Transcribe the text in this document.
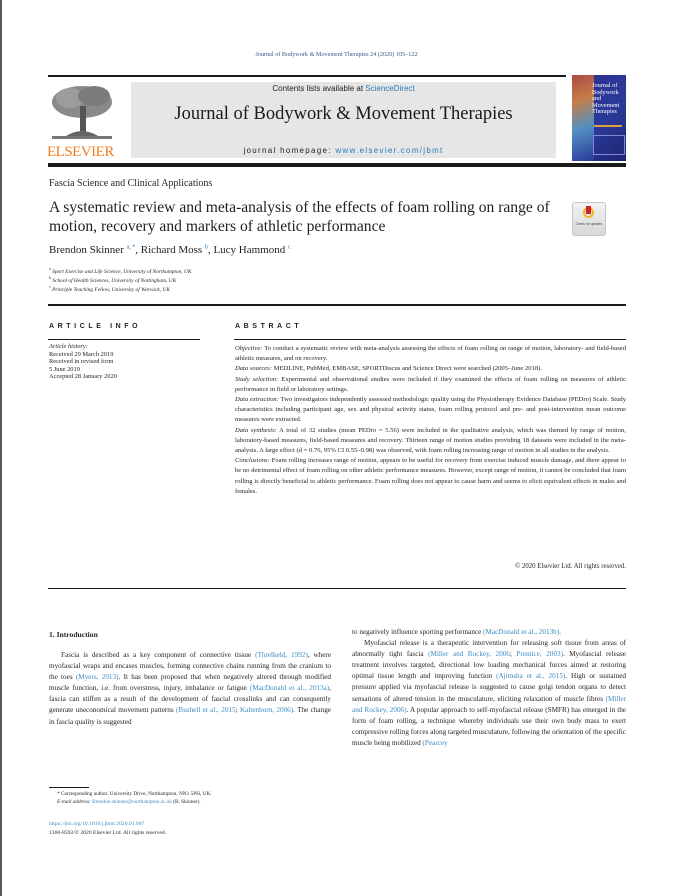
Journal of Bodywork & Movement Therapies 24 (2020) 105–122
ELSEVIER
Contents lists available at ScienceDirect
Journal of Bodywork & Movement Therapies
journal homepage: www.elsevier.com/jbmt
Journal of
Bodywork
and
Movement
Therapies
Fascia Science and Clinical Applications
A systematic review and meta-analysis of the effects of foam rolling on range of motion, recovery and markers of athletic performance	Check for updates
Brendon Skinner $^{a, *}$, Richard Moss $^b$, Lucy Hammond $^c$
$^a$ Sport Exercise and Life Science, University of Northampton, UK
$^b$ School of Health Sciences, University of Nottingham, UK
$^c$ Principle Teaching Fellow, University of Warwick, UK
ARTICLE INFO	ABSTRACT
Article history:
Received 29 March 2019
Received in revised form
5 June 2019
Accepted 28 January 2020

Objective: To conduct a systematic review with meta-analysis assessing the effects of foam rolling on range of motion, laboratory- and field-based athletic measures, and on recovery.

Data sources: MEDLINE, PubMed, EMBASE, SPORTDiscus and Science Direct were searched (2005–June 2018).

Study selection: Experimental and observational studies were included if they examined the effects of foam rolling on measures of athletic performance in field or laboratory settings.

Data extraction: Two investigators independently assessed methodologic quality using the Physiotherapy Evidence Database (PEDro) Scale. Study characteristics including participant age, sex and physical activity status, foam rolling protocol and pre- and post-intervention mean outcome measures were extracted.

Data synthesis: A total of 32 studies (mean PEDro = 5.56) were included in the qualitative analysis, which was themed by range of motion, laboratory-based measures, field-based measures and recovery. Thirteen range of motion studies providing 18 datasets were included in the meta-analysis. A large effect (d = 0.76, 95% CI 0.55–0.98) was observed, with foam rolling increasing range of motion in all studies in the analysis.

Conclusions: Foam rolling increases range of motion, appears to be useful for recovery from exercise induced muscle damage, and there appear to be no detrimental effect of foam rolling on other athletic performance measures. However, except range of motion, it cannot be concluded that foam rolling is directly beneficial to athletic performance. Foam rolling does not appear to cause harm and seems to elicit equivalent effects in males and females.

© 2020 Elsevier Ltd. All rights reserved.
1. Introduction

Fascia is described as a key component of connective tissue (Threlkeld, 1992), where myofascial wraps and encases muscles, forming connective chains running from the cranium to the toes (Myers, 2013). It has been proposed that when negatively altered through modified muscle function, i.e. from overstress, injury, imbalance or fatigue (MacDonald et al., 2013a), fascia can stiffen as a result of the development of fascial crosslinks and can consequently generate uneconomical movement patterns (Bushell et al., 2015; Kaltenborn, 2006). The change in fascia quality is suggested

to negatively influence sporting performance (MacDonald et al., 2013b).

Myofascial release is a therapeutic intervention for releasing soft tissue from areas of abnormally tight fascia (Miller and Rockey, 2006; Prentice, 2003). Myofascial release treatment involves targeted, directional low loading mechanical forces aimed at restoring optimal tissue length and improving function (Ajimsha et al., 2015). High or sustained pressure applied via myofascial release is suggested to cause golgi tendon organs to detect sensations of altered tension in the musculature, eliciting relaxation of muscle fibres (Miller and Rockey, 2006). A popular approach to self-myofascial release (SMFR) has emerged in the form of foam rolling, a technique whereby individuals use their own body mass to exert compressive rolling forces along targeted musculature, following the orientation of the specific muscle being mobilized (Pearcey

* Corresponding author. University Drive, Northampton, NN1 5PH, UK.
E-mail address: Brendon.skinner@northampton.ac.uk (B. Skinner).
https://doi.org/10.1016/j.jbmt.2020.01.007
1360-8592/© 2020 Elsevier Ltd. All rights reserved.
